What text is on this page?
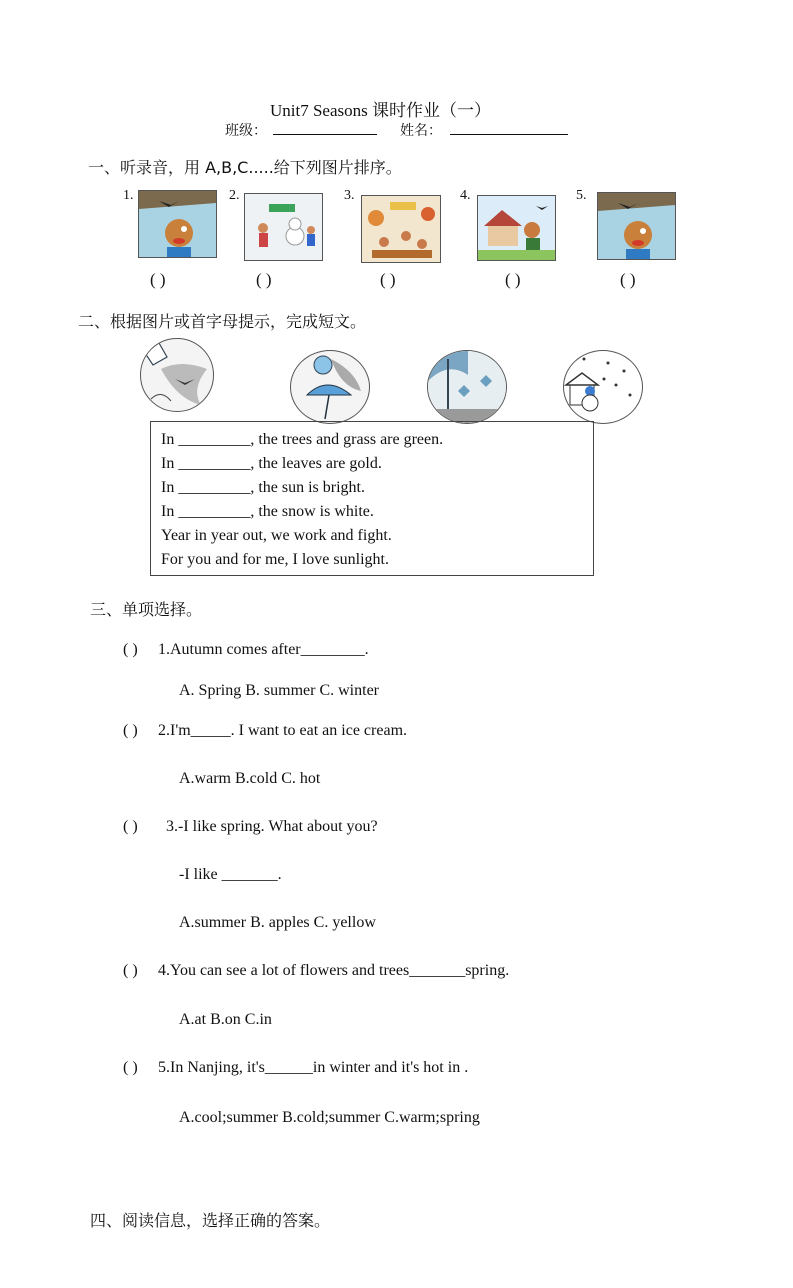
Unit7 Seasons 课时作业（一）
班级：	姓名：
一、听录音，用 A,B,C.....给下列图片排序。
1.	2.	3.	4.	5.
( )	( )	( )	( )	( )
二、根据图片或首字母提示，完成短文。
In _________, the trees and grass are green.
In _________, the leaves are gold.
In _________, the sun is bright.
In _________, the snow is white.
Year in year out, we work and fight.
For you and for me, I love sunlight.
三、单项选择。
( ) 1.Autumn comes after________.
A. Spring B. summer C. winter
( ) 2.I'm_____. I want to eat an ice cream.
A.warm B.cold C. hot
( ) 3.-I like spring. What about you?
-I like _______.
A.summer B. apples C. yellow
( ) 4.You can see a lot of flowers and trees_______spring.
A.at B.on C.in
( ) 5.In Nanjing, it's______in winter and it's hot in .
A.cool;summer B.cold;summer C.warm;spring
四、阅读信息，选择正确的答案。
